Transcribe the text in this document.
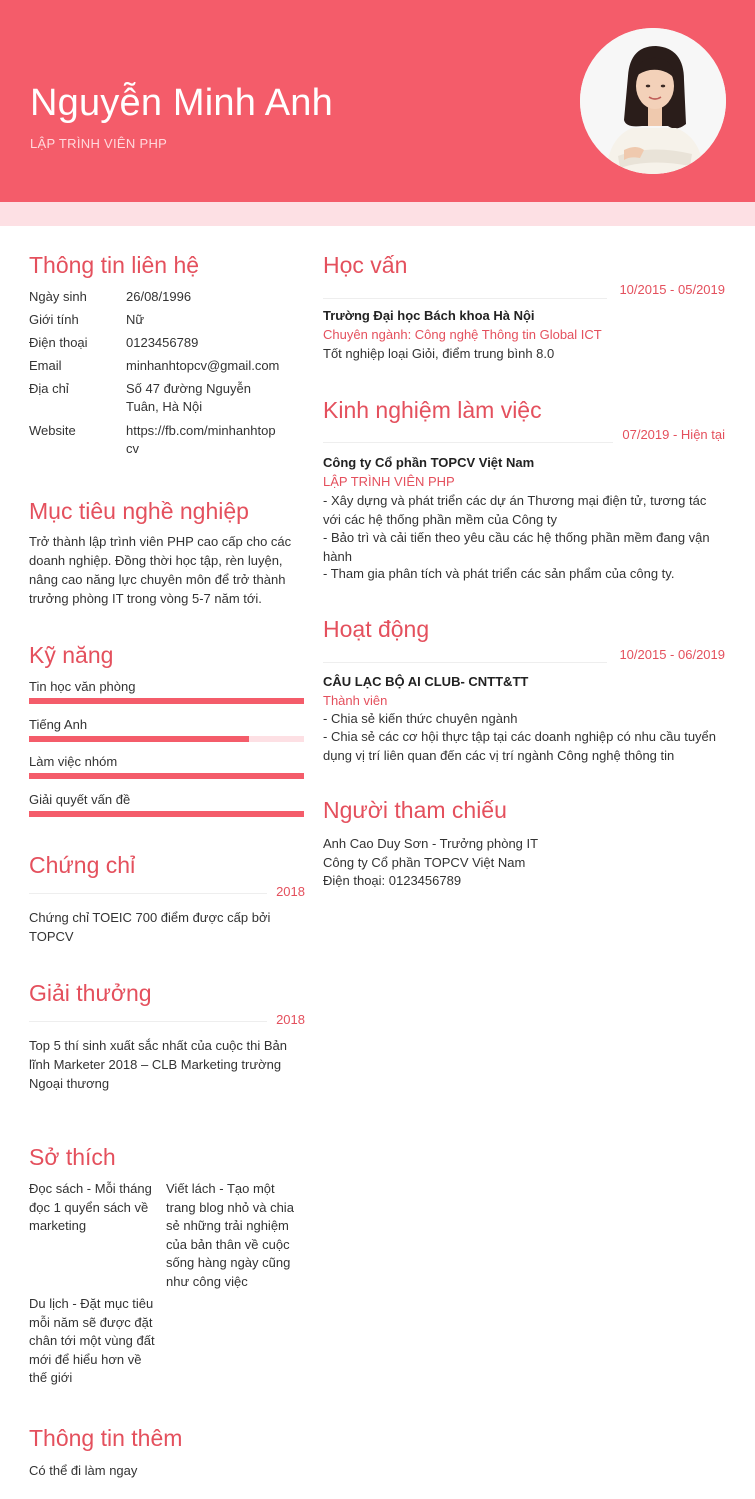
Nguyễn Minh Anh
LẬP TRÌNH VIÊN PHP
Thông tin liên hệ
Ngày sinh	26/08/1996
Giới tính	Nữ
Điện thoại	0123456789
Email	minhanhtopcv@gmail.com
Địa chỉ	Số 47 đường Nguyễn Tuân, Hà Nội
Website	https://fb.com/minhanhtopcv
Mục tiêu nghề nghiệp
Trở thành lập trình viên PHP cao cấp cho các doanh nghiệp. Đồng thời học tập, rèn luyện, nâng cao năng lực chuyên môn để trở thành trưởng phòng IT trong vòng 5-7 năm tới.
Kỹ năng
Tin học văn phòng
Tiếng Anh
Làm việc nhóm
Giải quyết vấn đề
Chứng chỉ
2018
Chứng chỉ TOEIC 700 điểm được cấp bởi TOPCV
Giải thưởng
2018
Top 5 thí sinh xuất sắc nhất của cuộc thi Bản lĩnh Marketer 2018 – CLB Marketing trường Ngoại thương
Sở thích
Đọc sách - Mỗi tháng đọc 1 quyển sách về marketing
Viết lách - Tạo một trang blog nhỏ và chia sẻ những trải nghiệm của bản thân về cuộc sống hàng ngày cũng như công việc
Du lịch - Đặt mục tiêu mỗi năm sẽ được đặt chân tới một vùng đất mới để hiểu hơn về thế giới
Thông tin thêm
Có thể đi làm ngay
Học vấn
10/2015 - 05/2019
Trường Đại học Bách khoa Hà Nội
Chuyên ngành: Công nghệ Thông tin Global ICT
Tốt nghiệp loại Giỏi, điểm trung bình 8.0
Kinh nghiệm làm việc
07/2019 - Hiện tại
Công ty Cổ phần TOPCV Việt Nam
LẬP TRÌNH VIÊN PHP
- Xây dựng và phát triển các dự án Thương mại điện tử, tương tác với các hệ thống phần mềm của Công ty
- Bảo trì và cải tiến theo yêu cầu các hệ thống phần mềm đang vận hành
- Tham gia phân tích và phát triển các sản phẩm của công ty.
Hoạt động
10/2015 - 06/2019
CÂU LẠC BỘ AI CLUB- CNTT&TT
Thành viên
- Chia sẻ kiến thức chuyên ngành
- Chia sẻ các cơ hội thực tập tại các doanh nghiệp có nhu cầu tuyển dụng vị trí liên quan đến các vị trí ngành Công nghệ thông tin
Người tham chiếu
Anh Cao Duy Sơn - Trưởng phòng IT
Công ty Cổ phần TOPCV Việt Nam
Điện thoại: 0123456789
